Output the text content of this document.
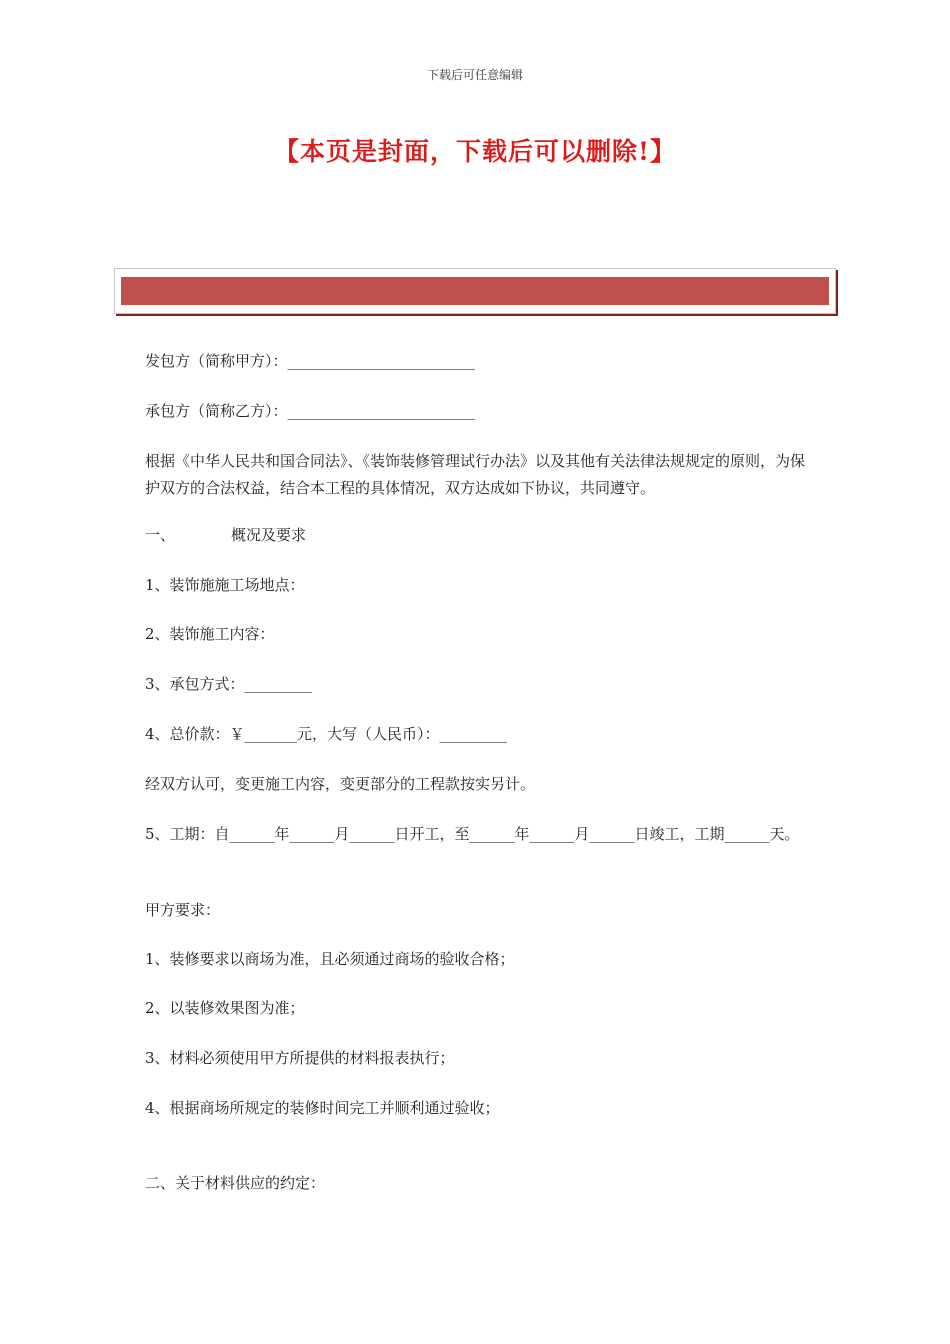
下载后可任意编辑
【本页是封面，下载后可以删除!】
发包方（简称甲方）：_________________________
承包方（简称乙方）：_________________________
根据《中华人民共和国合同法》、《装饰装修管理试行办法》以及其他有关法律法规规定的原则，为保护双方的合法权益，结合本工程的具体情况，双方达成如下协议，共同遵守。
一、	概况及要求
1、装饰施施工场地点：
2、装饰施工内容：
3、承包方式：_________
4、总价款：￥_______元，大写（人民币）：_________
经双方认可，变更施工内容，变更部分的工程款按实另计。
5、工期：自______年______月______日开工，至______年______月______日竣工，工期______天。
甲方要求：
1、装修要求以商场为准，且必须通过商场的验收合格；
2、以装修效果图为准；
3、材料必须使用甲方所提供的材料报表执行；
4、根据商场所规定的装修时间完工并顺利通过验收；
二、关于材料供应的约定：
